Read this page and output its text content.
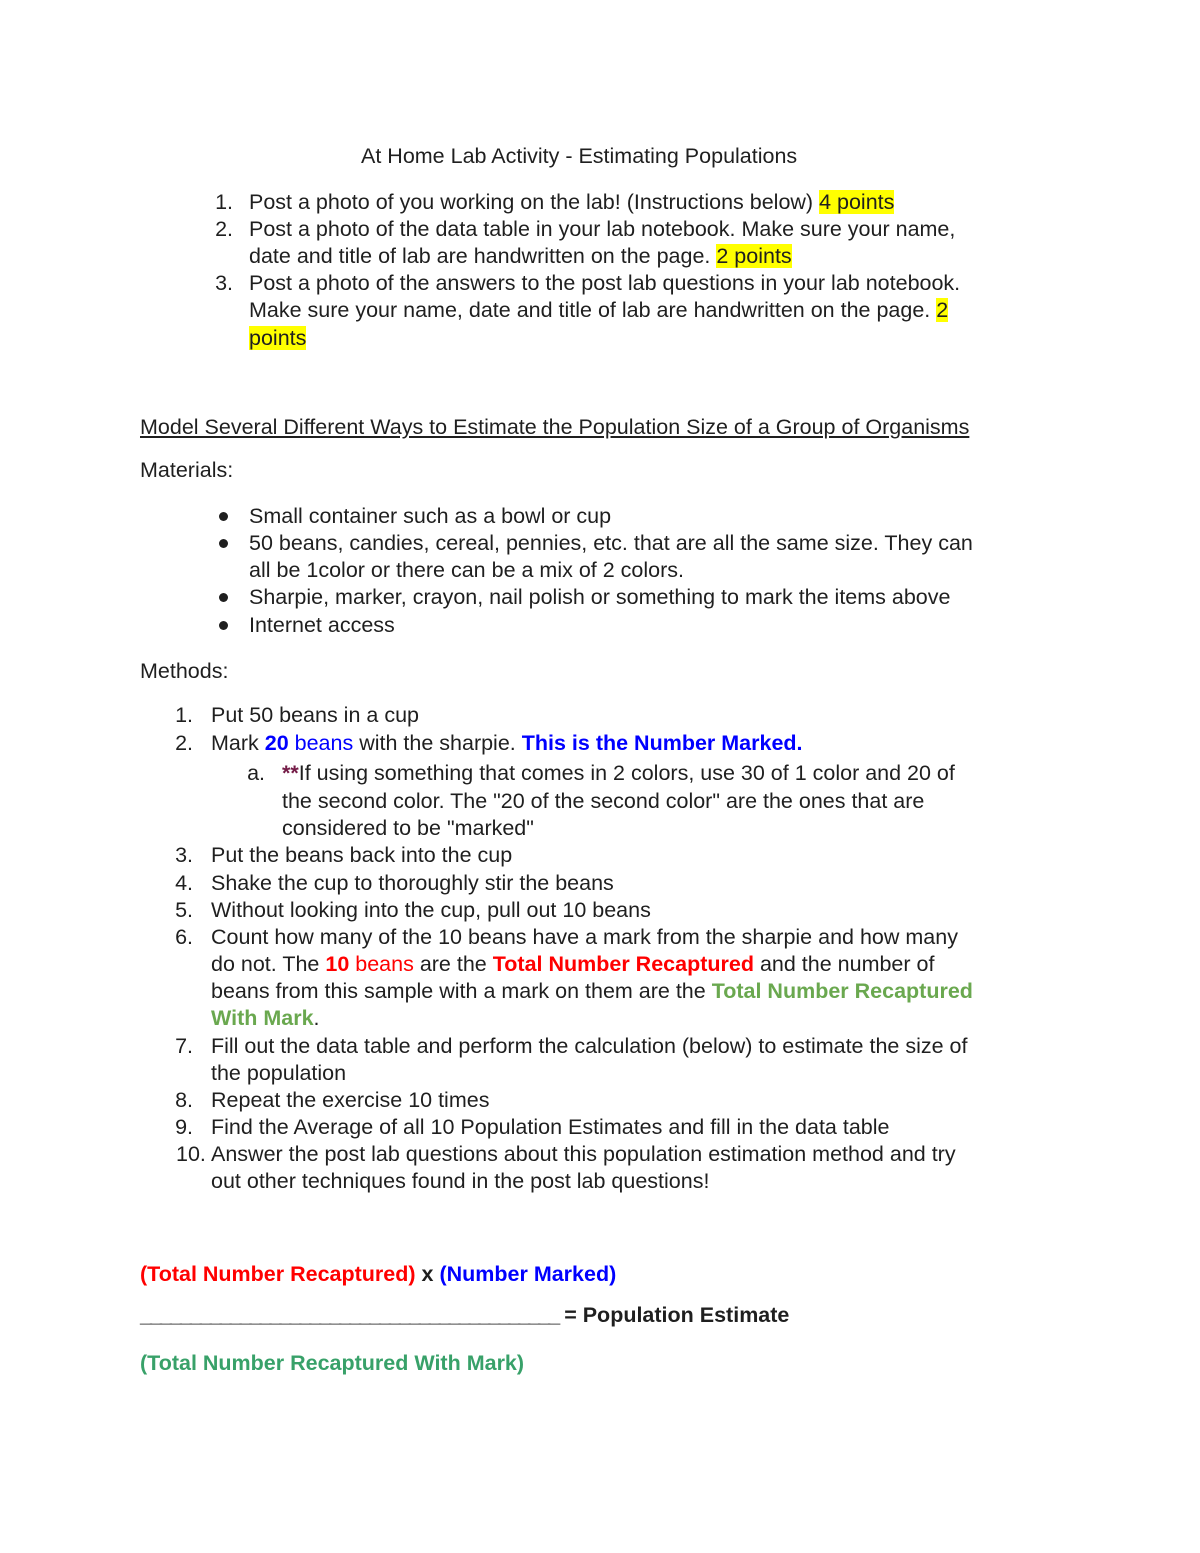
At Home Lab Activity - Estimating Populations
1. Post a photo of you working on the lab! (Instructions below) 4 points
2. Post a photo of the data table in your lab notebook. Make sure your name,
date and title of lab are handwritten on the page. 2 points
3. Post a photo of the answers to the post lab questions in your lab notebook.
Make sure your name, date and title of lab are handwritten on the page. 2
points
Model Several Different Ways to Estimate the Population Size of a Group of Organisms
Materials:
Small container such as a bowl or cup
50 beans, candies, cereal, pennies, etc. that are all the same size. They can
all be 1color or there can be a mix of 2 colors.
Sharpie, marker, crayon, nail polish or something to mark the items above
Internet access
Methods:
1. Put 50 beans in a cup
2. Mark 20 beans with the sharpie. This is the Number Marked.
a. **If using something that comes in 2 colors, use 30 of 1 color and 20 of
the second color. The "20 of the second color" are the ones that are
considered to be "marked"
3. Put the beans back into the cup
4. Shake the cup to thoroughly stir the beans
5. Without looking into the cup, pull out 10 beans
6. Count how many of the 10 beans have a mark from the sharpie and how many
do not. The 10 beans are the Total Number Recaptured and the number of
beans from this sample with a mark on them are the Total Number Recaptured
With Mark.
7. Fill out the data table and perform the calculation (below) to estimate the size of
the population
8. Repeat the exercise 10 times
9. Find the Average of all 10 Population Estimates and fill in the data table
10. Answer the post lab questions about this population estimation method and try
out other techniques found in the post lab questions!
(Total Number Recaptured) x (Number Marked)
__________________________________________ = Population Estimate
(Total Number Recaptured With Mark)
